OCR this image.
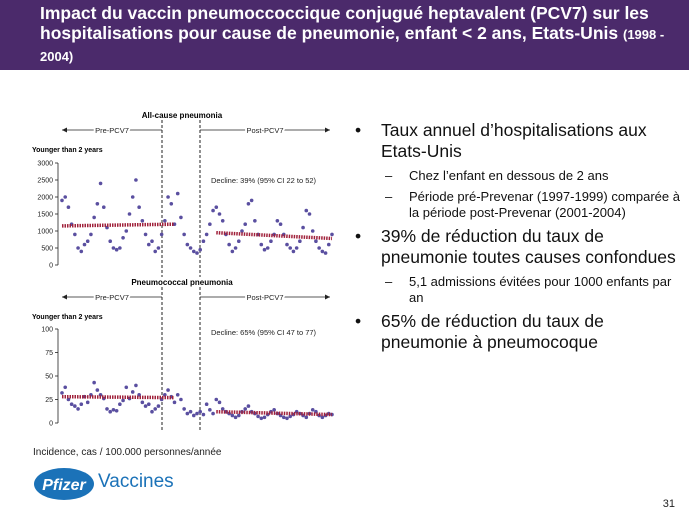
Impact du vaccin pneumoccoccique conjugué heptavalent (PCV7) sur les hospitalisations pour cause de pneumonie, enfant < 2 ans, Etats-Unis (1998 - 2004)
All-cause pneumonia
Younger than 2 years
Pre-PCV7	Post-PCV7
3000
2500
2000
1500
1000
500
0
Decline: 39% (95% CI 22 to 52)
Pneumococcal pneumonia
Younger than 2 years
Pre-PCV7	Post-PCV7
100
75
50
25
0
Decline: 65% (95% CI 47 to 77)
• Taux annuel d’hospitalisations aux Etats-Unis
– Chez l’enfant en dessous de 2 ans
– Période pré-Prevenar (1997-1999) comparée à la période post-Prevenar (2001-2004)
• 39% de réduction du taux de pneumonie toutes causes confondues
– 5,1 admissions évitées pour 1000 enfants par an
• 65% de réduction du taux de pneumonie à pneumocoque
Incidence, cas / 100.000 personnes/année
Pfizer Vaccines
31
